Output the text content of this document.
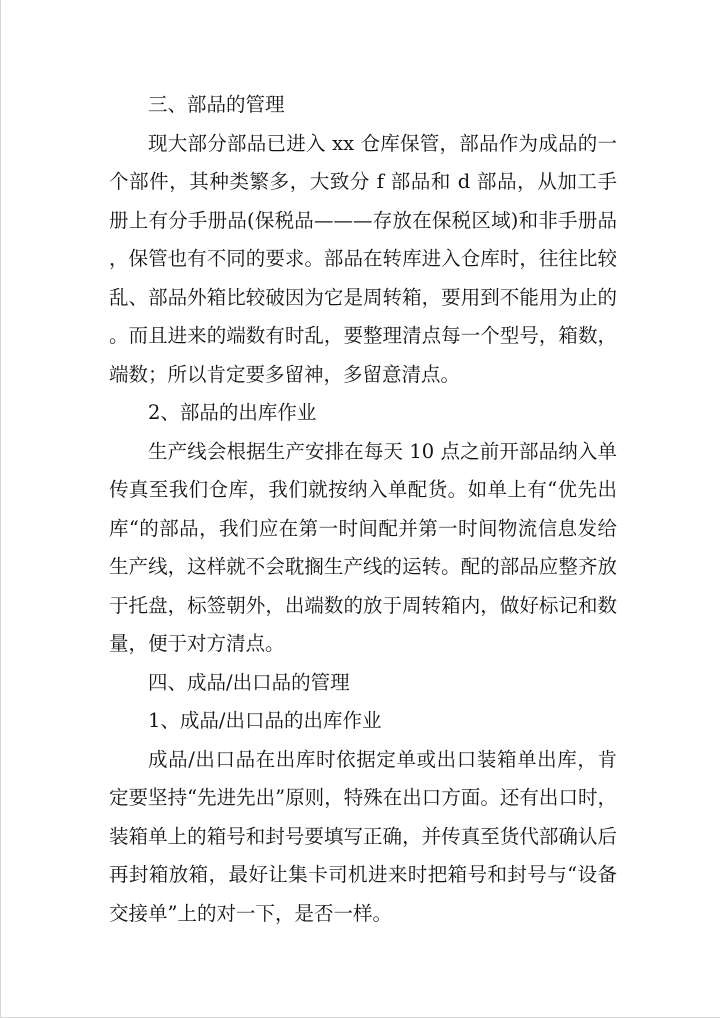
三、部品的管理

现大部分部品已进入 xx 仓库保管，部品作为成品的一个部件，其种类繁多，大致分 f 部品和 d 部品，从加工手册上有分手册品(保税品———存放在保税区域)和非手册品，保管也有不同的要求。部品在转库进入仓库时，往往比较乱、部品外箱比较破因为它是周转箱，要用到不能用为止的。而且进来的端数有时乱，要整理清点每一个型号，箱数，端数；所以肯定要多留神，多留意清点。

2、部品的出库作业

生产线会根据生产安排在每天 10 点之前开部品纳入单传真至我们仓库，我们就按纳入单配货。如单上有“优先出库“的部品，我们应在第一时间配并第一时间物流信息发给生产线，这样就不会耽搁生产线的运转。配的部品应整齐放于托盘，标签朝外，出端数的放于周转箱内，做好标记和数量，便于对方清点。

四、成品/出口品的管理

1、成品/出口品的出库作业

成品/出口品在出库时依据定单或出口装箱单出库，肯定要坚持“先进先出”原则，特殊在出口方面。还有出口时，装箱单上的箱号和封号要填写正确，并传真至货代部确认后再封箱放箱，最好让集卡司机进来时把箱号和封号与“设备交接单”上的对一下，是否一样。
